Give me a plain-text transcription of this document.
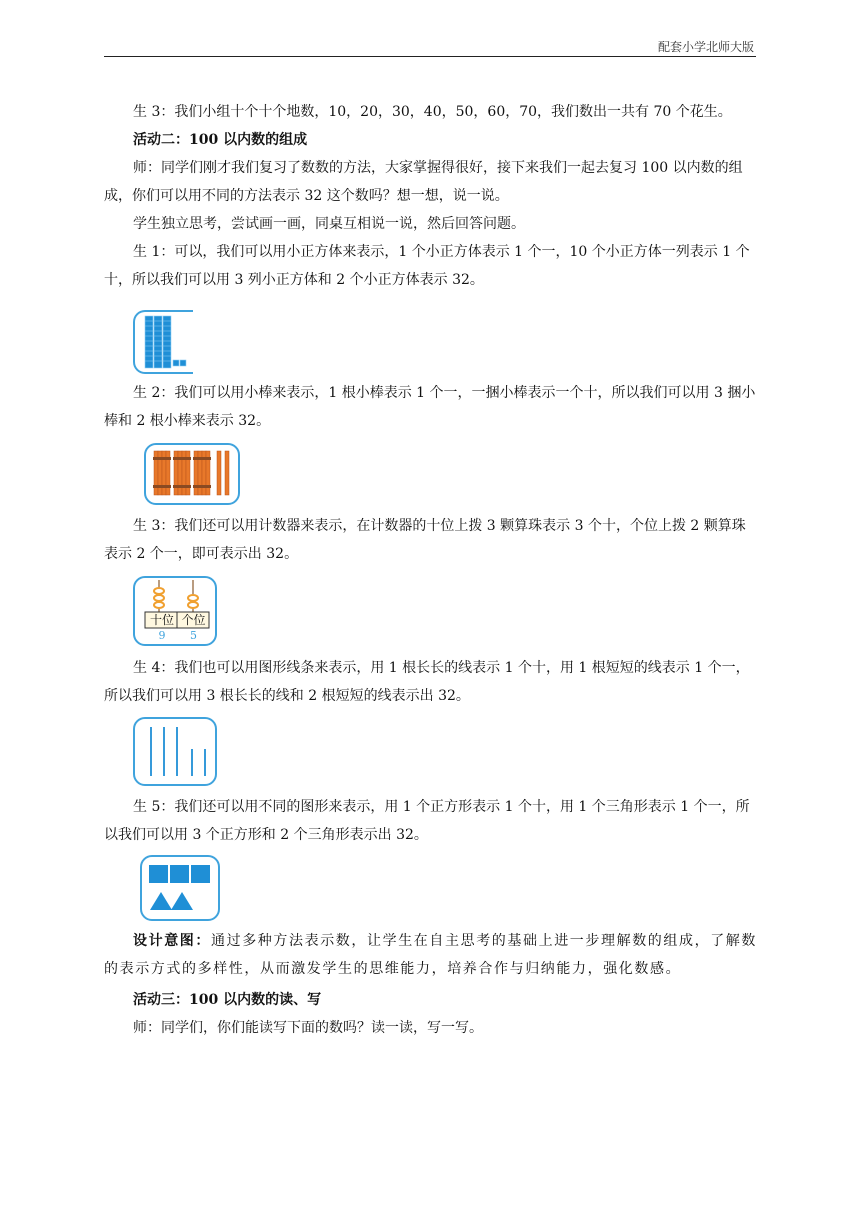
配套小学北师大版
生 3：我们小组十个十个地数，10，20，30，40，50，60，70，我们数出一共有 70 个花生。
活动二：100 以内数的组成
师：同学们刚才我们复习了数数的方法，大家掌握得很好，接下来我们一起去复习 100 以内数的组成，你们可以用不同的方法表示 32 这个数吗？想一想，说一说。
学生独立思考，尝试画一画，同桌互相说一说，然后回答问题。
生 1：可以，我们可以用小正方体来表示，1 个小正方体表示 1 个一，10 个小正方体一列表示 1 个十，所以我们可以用 3 列小正方体和 2 个小正方体表示 32。
生 2：我们可以用小棒来表示，1 根小棒表示 1 个一，一捆小棒表示一个十，所以我们可以用 3 捆小棒和 2 根小棒来表示 32。
生 3：我们还可以用计数器来表示，在计数器的十位上拨 3 颗算珠表示 3 个十，个位上拨 2 颗算珠表示 2 个一，即可表示出 32。
十位 个位
9	5
生 4：我们也可以用图形线条来表示，用 1 根长长的线表示 1 个十，用 1 根短短的线表示 1 个一，所以我们可以用 3 根长长的线和 2 根短短的线表示出 32。
生 5：我们还可以用不同的图形来表示，用 1 个正方形表示 1 个十，用 1 个三角形表示 1 个一，所以我们可以用 3 个正方形和 2 个三角形表示出 32。
设计意图：通过多种方法表示数，让学生在自主思考的基础上进一步理解数的组成，了解数的表示方式的多样性，从而激发学生的思维能力，培养合作与归纳能力，强化数感。
活动三：100 以内数的读、写
师：同学们，你们能读写下面的数吗？读一读，写一写。
